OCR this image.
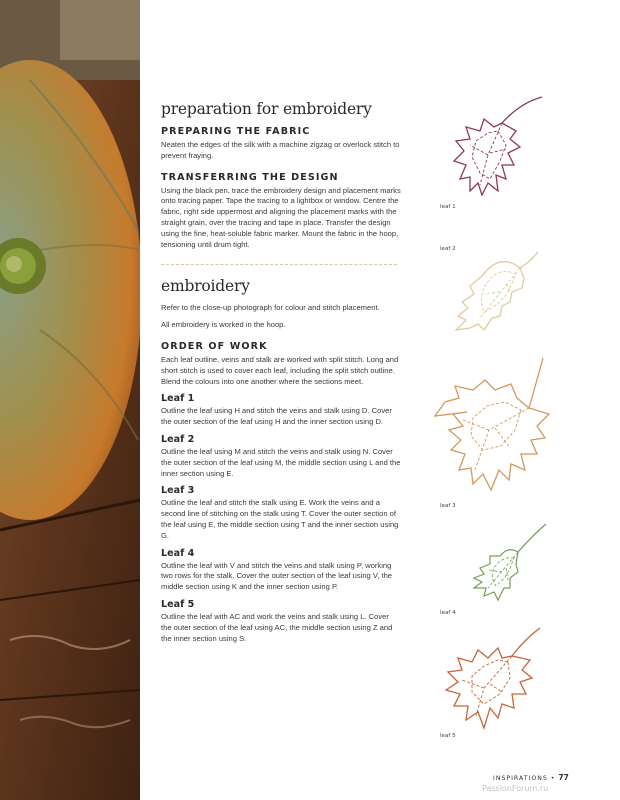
preparation for embroidery
PREPARING THE FABRIC

Neaten the edges of the silk with a machine zigzag or overlock stitch to prevent fraying.

TRANSFERRING THE DESIGN

Using the black pen, trace the embroidery design and placement marks onto tracing paper. Tape the tracing to a lightbox or window. Centre the fabric, right side uppermost and aligning the placement marks with the straight grain, over the tracing and tape in place. Transfer the design using the fine, heat-soluble fabric marker. Mount the fabric in the hoop, tensioning until drum tight.

embroidery

Refer to the close-up photograph for colour and stitch placement.

All embroidery is worked in the hoop.

ORDER OF WORK

Each leaf outline, veins and stalk are worked with split stitch. Long and short stitch is used to cover each leaf, including the split stitch outline. Blend the colours into one another where the sections meet.

Leaf 1

Outline the leaf using H and stitch the veins and stalk using D. Cover the outer section of the leaf using H and the inner section using D.

Leaf 2

Outline the leaf using M and stitch the veins and stalk using N. Cover the outer section of the leaf using M, the middle section using L and the inner section using E.

Leaf 3

Outline the leaf and stitch the stalk using E. Work the veins and a second line of stitching on the stalk using T. Cover the outer section of the leaf using E, the middle section using T and the inner section using G.

Leaf 4

Outline the leaf with V and stitch the veins and stalk using P, working two rows for the stalk. Cover the outer section of the leaf using V, the middle section using K and the inner section using P.

Leaf 5

Outline the leaf with AC and work the veins and stalk using L. Cover the outer section of the leaf using AC, the middle section using Z and the inner section using S.

leaf 1
leaf 2
leaf 3
leaf 4
leaf 5
INSPIRATIONS • 77
PassionForum.ru
